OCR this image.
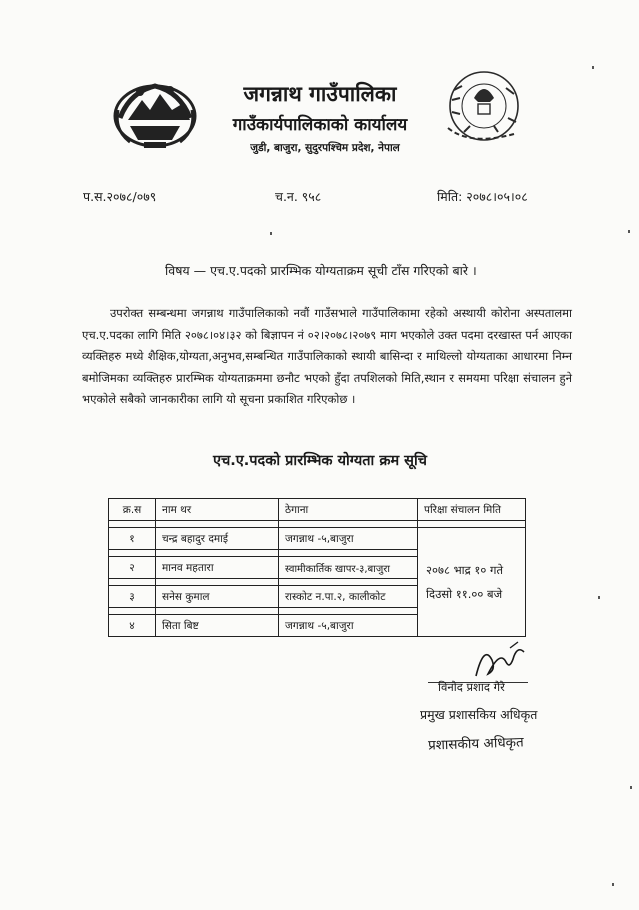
जगन्नाथ गाउँपालिका
गाउँकार्यपालिकाको कार्यालय
जुडी, बाजुरा, सुदुरपश्चिम प्रदेश, नेपाल
प.स.२०७८/०७९	च.न. ९५८	मिति: २०७८।०५।०८
विषय — एच.ए.पदको प्रारम्भिक योग्यताक्रम सूची टाँस गरिएको बारे ।
उपरोक्त सम्बन्धमा जगन्नाथ गाउँपालिकाको नवौं गाउँसभाले गाउँपालिकामा रहेको अस्थायी कोरोना अस्पतालमा एच.ए.पदका लागि मिति २०७८।०४।३२ को बिज्ञापन नं ०२।२०७८।२०७९ माग भएकोले उक्त पदमा दरखास्त पर्न आएका व्यक्तिहरु मध्ये शैक्षिक,योग्यता,अनुभव,सम्बन्धित गाउँपालिकाको स्थायी बासिन्दा र माथिल्लो योग्यताका आधारमा निम्न बमोजिमका व्यक्तिहरु प्रारम्भिक योग्यताक्रममा छनौट भएको हुँदा तपशिलको मिति,स्थान र समयमा परिक्षा संचालन हुने भएकोले सबैको जानकारीका लागि यो सूचना प्रकाशित गरिएकोछ ।
एच.ए.पदको प्रारम्भिक योग्यता क्रम सूचि
क्र.स	नाम थर	ठेगाना	परिक्षा संचालन मिति

१	चन्द्र बहादुर दमाई	जगन्नाथ -५,बाजुरा	२०७८ भाद्र १० गते
दिउसो ११.०० बजे

२	मानव महतारा	स्वामीकार्तिक खापर-३,बाजुरा	

३	सनेस कुमाल	रास्कोट न.पा.२, कालीकोट	

४	सिता बिष्ट	जगन्नाथ -५,बाजुरा	
विनोद प्रशाद गैरे
प्रमुख प्रशासकिय अधिकृत
प्रशासकीय अधिकृत
